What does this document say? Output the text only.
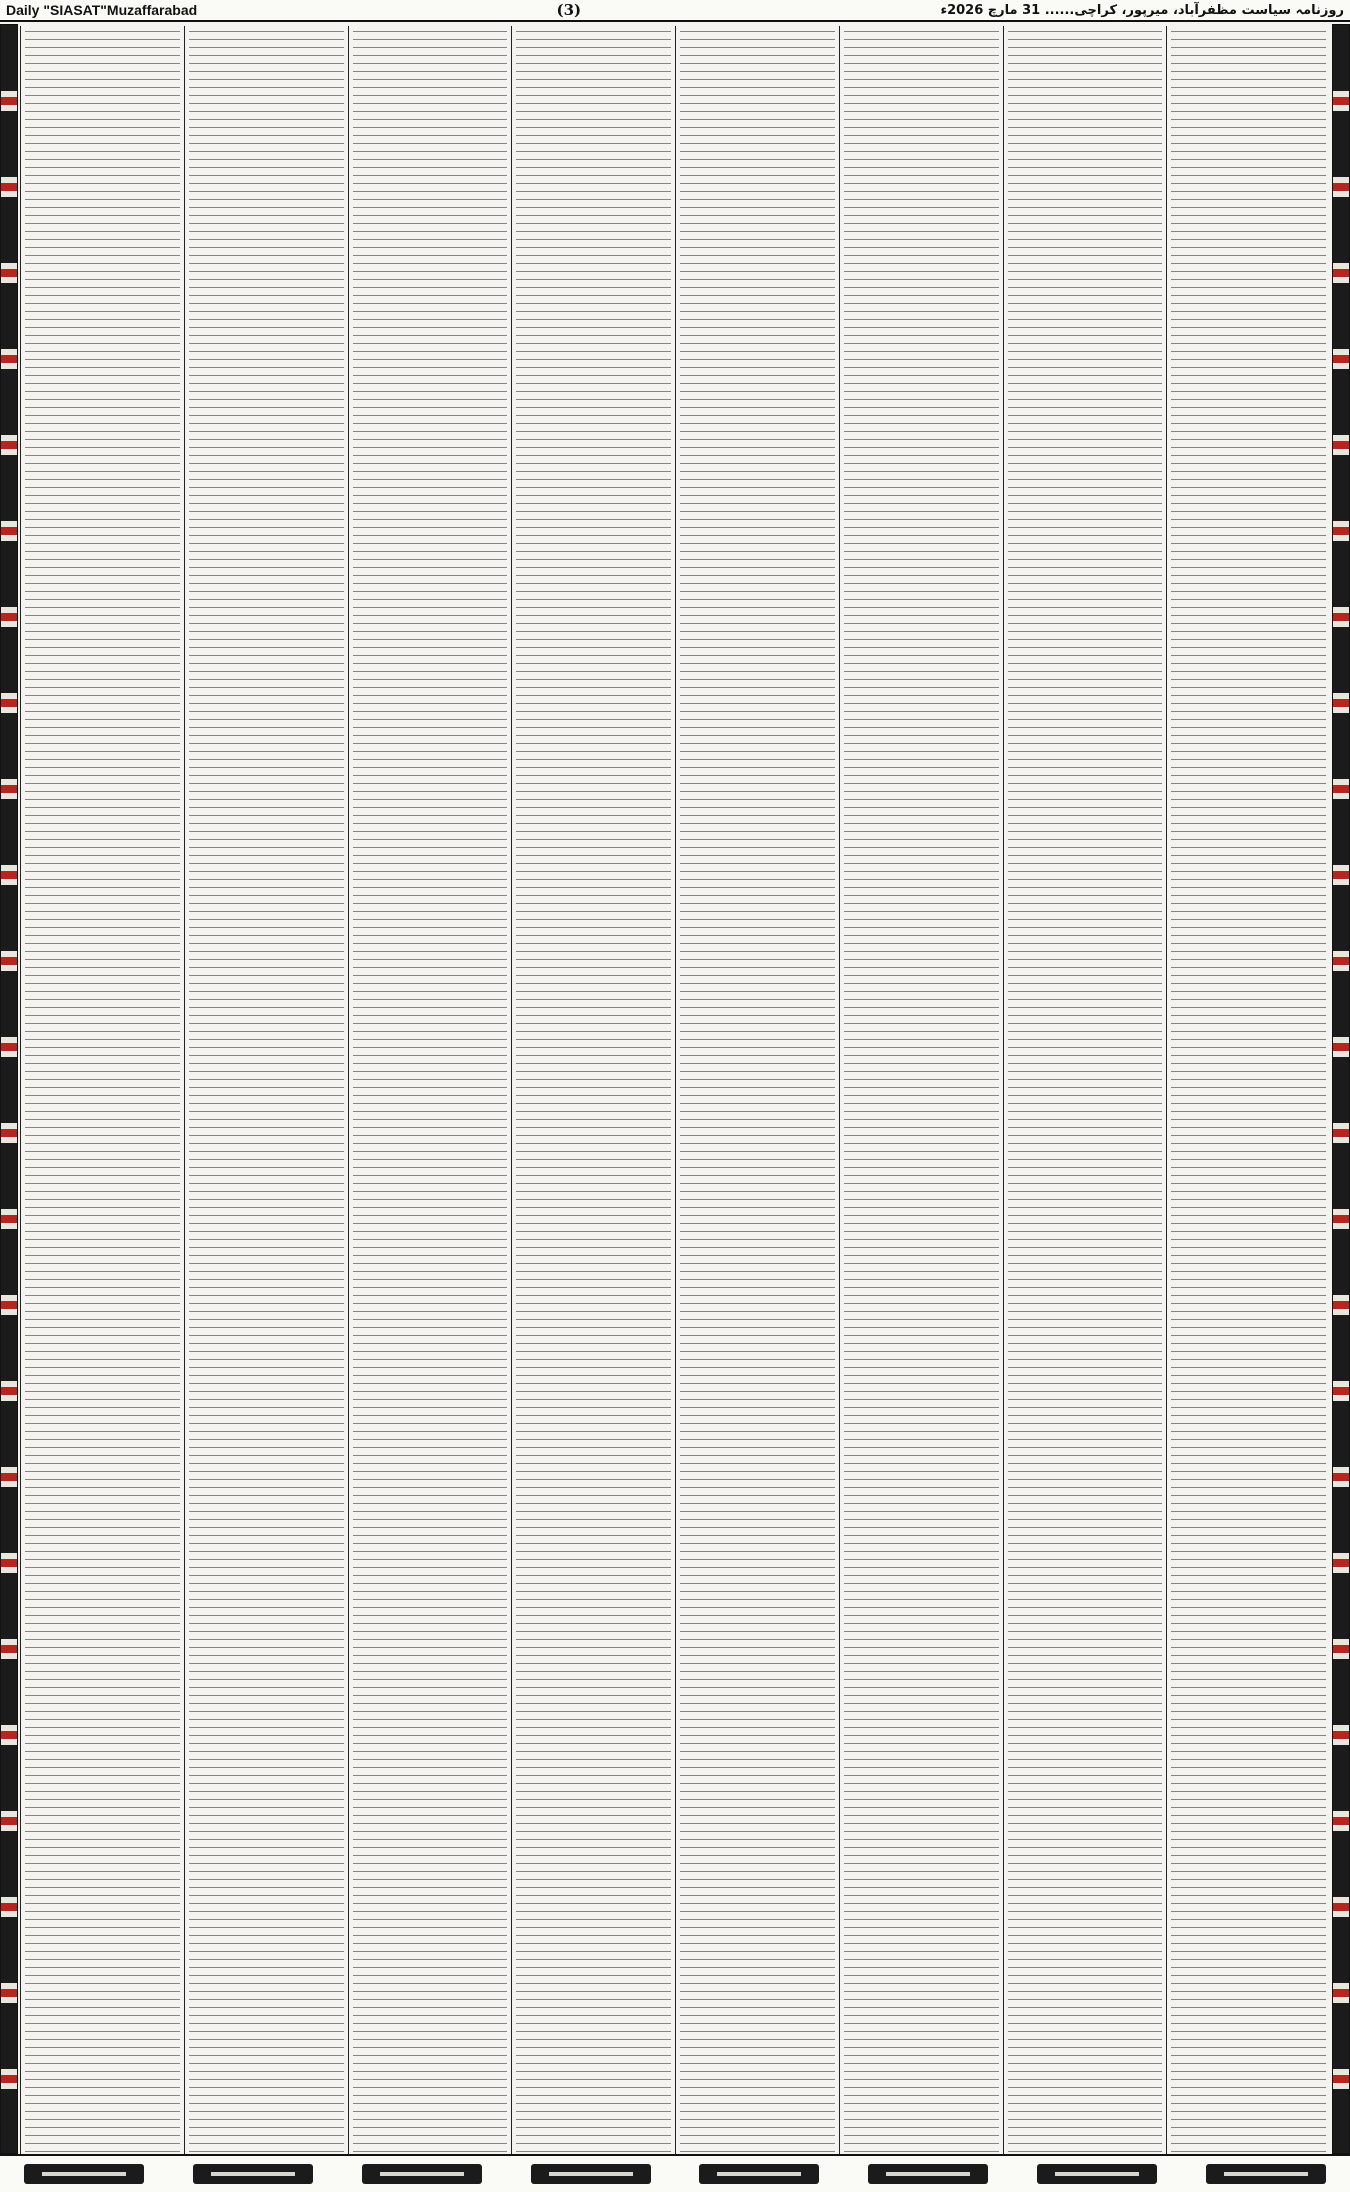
Daily "SIASAT"Muzaffarabad	(3)	روزنامہ سیاست مظفرآباد، میرپور، کراچی...... 31 مارچ 2026ء
